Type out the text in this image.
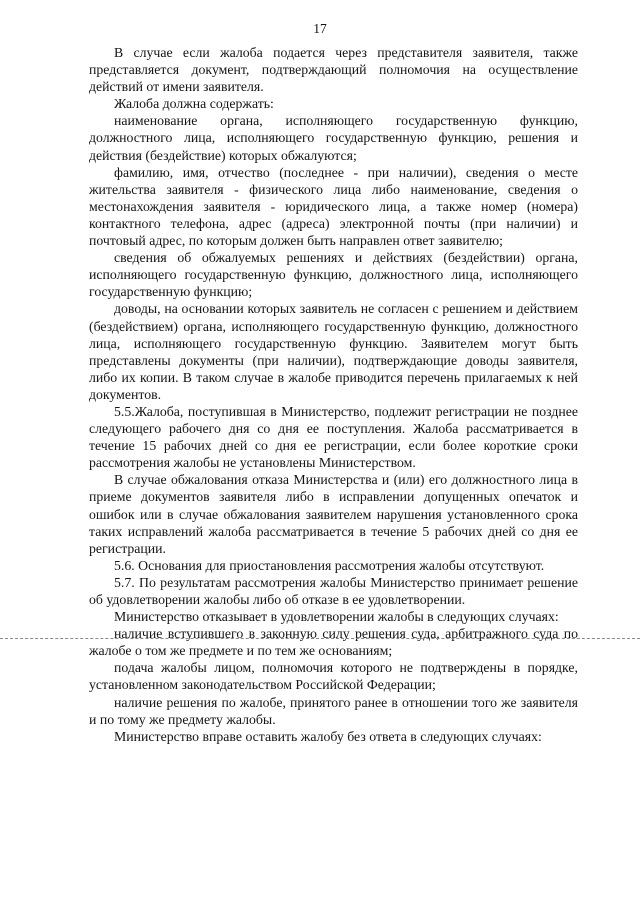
17

В случае если жалоба подается через представителя заявителя, также представляется документ, подтверждающий полномочия на осуществление действий от имени заявителя.

Жалоба должна содержать:

наименование органа, исполняющего государственную функцию, должностного лица, исполняющего государственную функцию, решения и действия (бездействие) которых обжалуются;

фамилию, имя, отчество (последнее - при наличии), сведения о месте жительства заявителя - физического лица либо наименование, сведения о местонахождения заявителя - юридического лица, а также номер (номера) контактного телефона, адрес (адреса) электронной почты (при наличии) и почтовый адрес, по которым должен быть направлен ответ заявителю;

сведения об обжалуемых решениях и действиях (бездействии) органа, исполняющего государственную функцию, должностного лица, исполняющего государственную функцию;

доводы, на основании которых заявитель не согласен с решением и действием (бездействием) органа, исполняющего государственную функцию, должностного лица, исполняющего государственную функцию. Заявителем могут быть представлены документы (при наличии), подтверждающие доводы заявителя, либо их копии. В таком случае в жалобе приводится перечень прилагаемых к ней документов.

5.5.Жалоба, поступившая в Министерство, подлежит регистрации не позднее следующего рабочего дня со дня ее поступления. Жалоба рассматривается в течение 15 рабочих дней со дня ее регистрации, если более короткие сроки рассмотрения жалобы не установлены Министерством.

В случае обжалования отказа Министерства и (или) его должностного лица в приеме документов заявителя либо в исправлении допущенных опечаток и ошибок или в случае обжалования заявителем нарушения установленного срока таких исправлений жалоба рассматривается в течение 5 рабочих дней со дня ее регистрации.

5.6. Основания для приостановления рассмотрения жалобы отсутствуют.

5.7. По результатам рассмотрения жалобы Министерство принимает решение об удовлетворении жалобы либо об отказе в ее удовлетворении.

Министерство отказывает в удовлетворении жалобы в следующих случаях:

наличие вступившего в законную силу решения суда, арбитражного суда по жалобе о том же предмете и по тем же основаниям;

подача жалобы лицом, полномочия которого не подтверждены в порядке, установленном законодательством Российской Федерации;

наличие решения по жалобе, принятого ранее в отношении того же заявителя и по тому же предмету жалобы.

Министерство вправе оставить жалобу без ответа в следующих случаях:
